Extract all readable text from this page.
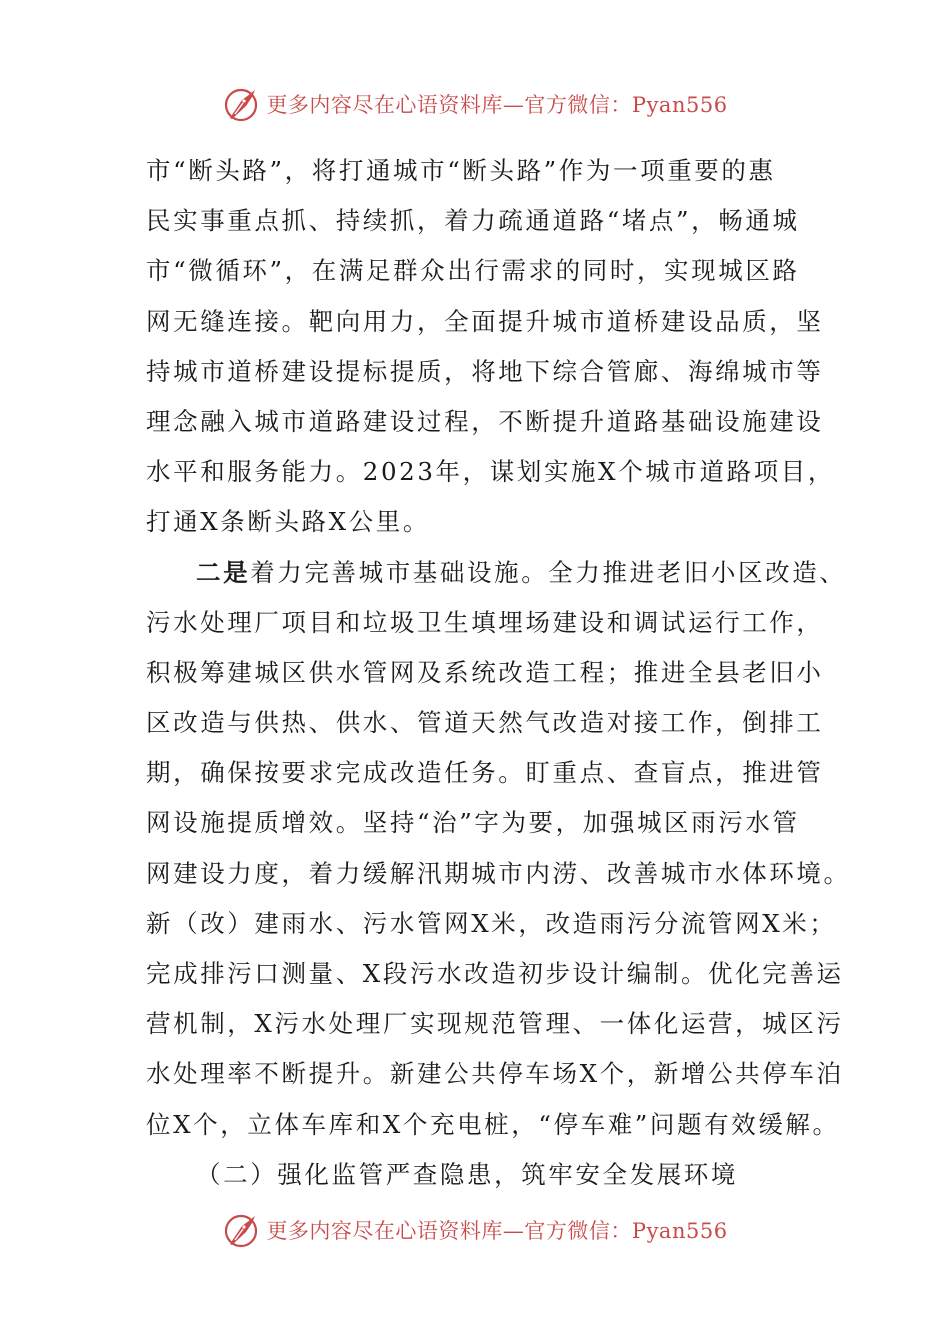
更多内容尽在心语资料库—官方微信：Pyan556
市“断头路”，将打通城市“断头路”作为一项重要的惠
民实事重点抓、持续抓，着力疏通道路“堵点”，畅通城
市“微循环”，在满足群众出行需求的同时，实现城区路
网无缝连接。靶向用力，全面提升城市道桥建设品质，坚
持城市道桥建设提标提质，将地下综合管廊、海绵城市等
理念融入城市道路建设过程，不断提升道路基础设施建设
水平和服务能力。2023年，谋划实施X个城市道路项目，
打通X条断头路X公里。
二是着力完善城市基础设施。全力推进老旧小区改造、
污水处理厂项目和垃圾卫生填埋场建设和调试运行工作，
积极筹建城区供水管网及系统改造工程；推进全县老旧小
区改造与供热、供水、管道天然气改造对接工作，倒排工
期，确保按要求完成改造任务。盯重点、查盲点，推进管
网设施提质增效。坚持“治”字为要，加强城区雨污水管
网建设力度，着力缓解汛期城市内涝、改善城市水体环境。
新（改）建雨水、污水管网X米，改造雨污分流管网X米；
完成排污口测量、X段污水改造初步设计编制。优化完善运
营机制，X污水处理厂实现规范管理、一体化运营，城区污
水处理率不断提升。新建公共停车场X个，新增公共停车泊
位X个，立体车库和X个充电桩，“停车难”问题有效缓解。
（二）强化监管严查隐患，筑牢安全发展环境
更多内容尽在心语资料库—官方微信：Pyan556
